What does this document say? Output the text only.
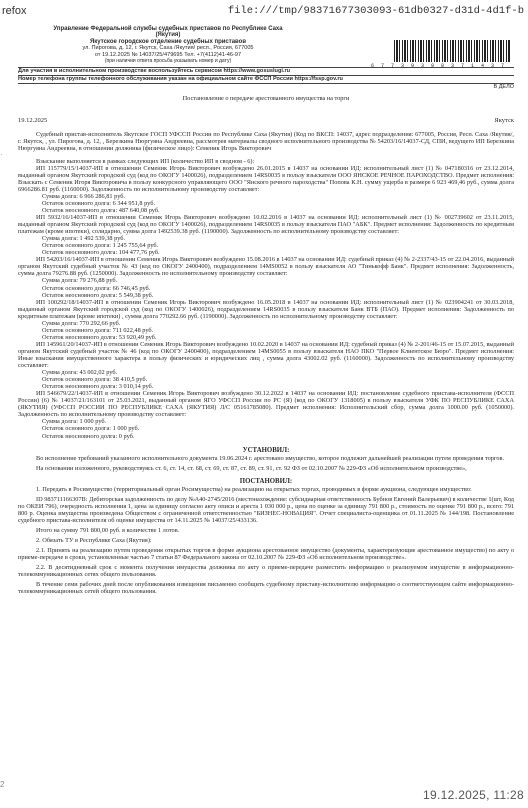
refox	file:///tmp/98371677303093-61db0327-d31d-4d1f-b
·
2
Управление Федеральной службы судебных приставов по Республике Саха
(Якутия)
Якутское городское отделение судебных приставов
ул. Пирогова, д. 12, г. Якутск, Саха /Якутия/ респ., Россия, 677005
от 19.12.2025 № 14037/25/479695 Тел. +7(4112)41-46-97
(при наличии ответа просьба указывать номер и дату)
6 7 7 3 9 3 9 8 3 7 1 4 3 7
Для участия в исполнительном производстве воспользуйтесь сервисом https://www.gosuslugi.ru
Номер телефона группы телефонного обслуживания указан на официальном сайте ФССП России https://fssp.gov.ru
В ДЕЛО
Постановление о передаче арестованного имущества на торги
19.12.2025	Якутск

Судебный пристав-исполнитель Якутское ГОСП УФССП России по Республике Саха (Якутия) (Код по ВКСП: 14037, адрес подразделения: 677005, Россия, Респ. Саха /Якутия/, г. Якутск, , ул. Пирогова, д. 12, , Березкина Нюргуяна Андреевна, рассмотрев материалы сводного исполнительного производства № 54203/16/14037-СД, СПИ, ведущего ИП Березкина Нюргуяна Андреевна, в отношении должника (физическое лицо): Семеник Игорь Викторович

Взыскание выполняется в рамках следующих ИП (количество ИП в сводном - 6):

ИП 115779/15/14037-ИП в отношении Семеник Игорь Викторович возбуждено 26.01.2015 в 14037 на основании ИД: исполнительный лист (1) № 047180316 от 23.12.2014, выданный органом Якутский городской суд (код по ОКОГУ 1400026), подразделением 14RS0035 в пользу взыскателя ООО ЯНСКОЕ РЕЧНОЕ ПАРОХОДСТВО. Предмет исполнения: Взыскать с Семеник Игоря Викторовича в пользу конкурсного управляющего ООО "Янского речного пароходства" Попова К.Н. сумму ущерба в размере 6 923 469,46 руб., сумма долга 6966286.81 руб. (1160000). Задолженность по исполнительному производству составляет:

Сумма долга: 6 966 286,81 руб.
Остаток основного долга: 6 344 951,8 руб.
Остаток неосновного долга: 487 640,08 руб.

ИП 5932/16/14037-ИП в отношении Семеник Игорь Викторович возбуждено 10.02.2016 в 14037 на основании ИД: исполнительный лист (1) № 002739602 от 23.11.2015, выданный органом Якутский городской суд (код по ОКОГУ 1400026), подразделением 14RS0035 в пользу взыскателя ПАО "АБК". Предмет исполнения: Задолженность по кредитным платежам (кроме ипотеки), солидарно, сумма долга 1492539.38 руб. (1190000). Задолженность по исполнительному производству составляет:

Сумма долга: 1 492 539,38 руб.
Остаток основного долга: 1 245 755,64 руб.
Остаток неосновного долга: 104 477,76 руб.

ИП 54203/16/14037-ИП в отношении Семеник Игорь Викторович возбуждено 15.08.2016 в 14037 на основании ИД: судебный приказ (4) № 2-2337/43-15 от 22.04.2016, выданный органом Якутский судебный участок № 43 (код по ОКОГУ 2400400), подразделением 14MS0052 в пользу взыскателя АО "Тинькофф Банк". Предмет исполнения: Задолженность, сумма долга 79276.88 руб. (1250000). Задолженность по исполнительному производству составляет:

Сумма долга: 79 276,88 руб.
Остаток основного долга: 66 746,45 руб.
Остаток неосновного долга: 5 549,38 руб.

ИП 100292/18/14037-ИП в отношении Семеник Игорь Викторович возбуждено 16.05.2018 в 14037 на основании ИД: исполнительный лист (1) № 023904241 от 30.03.2018, выданный органом Якутский городской суд (код по ОКОГУ 1400026), подразделением 14RS0035 в пользу взыскателя Банк ВТБ (ПАО). Предмет исполнения: Задолженность по кредитным платежам (кроме ипотеки) , сумма долга 770292.66 руб. (1190000). Задолженность по исполнительному производству составляет:

Сумма долга: 770 292,66 руб.
Остаток основного долга: 711 022,48 руб.
Остаток неосновного долга: 53 920,49 руб.

ИП 145961/20/14037-ИП в отношении Семеник Игорь Викторович возбуждено 10.02.2020 в 14037 на основании ИД: судебный приказ (4) № 2-201/46-15 от 15.07.2015, выданный органом Якутский судебный участок № 46 (код по ОКОГУ 2400400), подразделением 14MS0055 в пользу взыскателя НАО ПКО "Первое Клиентское Бюро". Предмет исполнения: Иные взыскания имущественного характера в пользу физических и юридических лиц , сумма долга 43002.02 руб. (1160000). Задолженность по исполнительному производству составляет:

Сумма долга: 43 002,02 руб.
Остаток основного долга: 38 410,5 руб.
Остаток неосновного долга: 3 010,14 руб.

ИП 546679/22/14037-ИП в отношении Семеник Игорь Викторович возбуждено 30.12.2022 в 14037 на основании ИД: постановление судебного пристава-исполнителя (ФССП России) (6) № 14037/21/163101 от 25.03.2021, выданный органом ЯГО УФССП России по РС (Я) (код по ОКОГУ 1318005) в пользу взыскателя УФК ПО РЕСПУБЛИКЕ САХА (ЯКУТИЯ) (УФССП РОССИИ ПО РЕСПУБЛИКЕ САХА (ЯКУТИЯ) Л/С 05161785080). Предмет исполнения: Исполнительский сбор, сумма долга 1000.00 руб. (1050000). Задолженность по исполнительному производству составляет:

Сумма долга: 1 000 руб.
Остаток основного долга: 1 000 руб.
Остаток неосновного долга: 0 руб.
УСТАНОВИЛ:

Во исполнение требований указанного исполнительного документа 19.06.2024 г. арестовано имущество, которое подлежит дальнейшей реализации путем проведения торгов.

На основании изложенного, руководствуясь ст. 6, ст. 14, ст. 68, ст. 69, ст. 87, ст. 89, ст. 91, ст. 92 ФЗ от 02.10.2007 № 229-ФЗ «Об исполнительном производстве»,

ПОСТАНОВИЛ:

1. Передать в Росимущество (территориальный орган Росимущества) на реализацию на открытых торгах, проводимых в форме аукциона, следующее имущество:

ID 983711166307В: Дебиторская задолженность по делу №А40-2745/2016 (местонахождение: субсидиарная ответственность Бубнов Евгений Валерьевич) в количестве 1(шт, Код по ОКЕИ 796), очередность исполнения 1, цена за единицу согласно акту описи и ареста 1 030 000 р., цена по оценке за единицу 791 800 р., стоимость по оценке 791 800 р., всего: 791 800 р. Оценка имущества произведена Обществом с ограниченной ответственностью "БИЗНЕС-НОВАЦИЯ". Отчет специалиста-оценщика от 01.11.2025 № 144/198. Постановление судебного пристава-исполнителя об оценке имущества от 14.11.2025 № 14037/25/433136.

Итого на сумму 791 800,00 руб. в количестве 1 лотов.

2. Обязать ТУ в Республике Саха (Якутия):

2.1. Принять на реализацию путем проведения открытых торгов в форме аукциона арестованное имущество (документы, характеризующие арестованное имущество) по акту о приеме-передаче в сроки, установленные частью 7 статьи 87 Федерального закона от 02.10.2007 № 229-ФЗ «Об исполнительном производстве».

2.2. В десятидневный срок с момента получения имущества должника по акту о приеме-передаче разместить информацию о реализуемом имуществе в информационно-телекоммуникационных сетях общего пользования.

В течение семи рабочих дней после опубликования извещения письменно сообщить судебному приставу-исполнителю информацию о соответствующем сайте информационно-телекоммуникационных сетей общего пользования.

19.12.2025, 11:28
